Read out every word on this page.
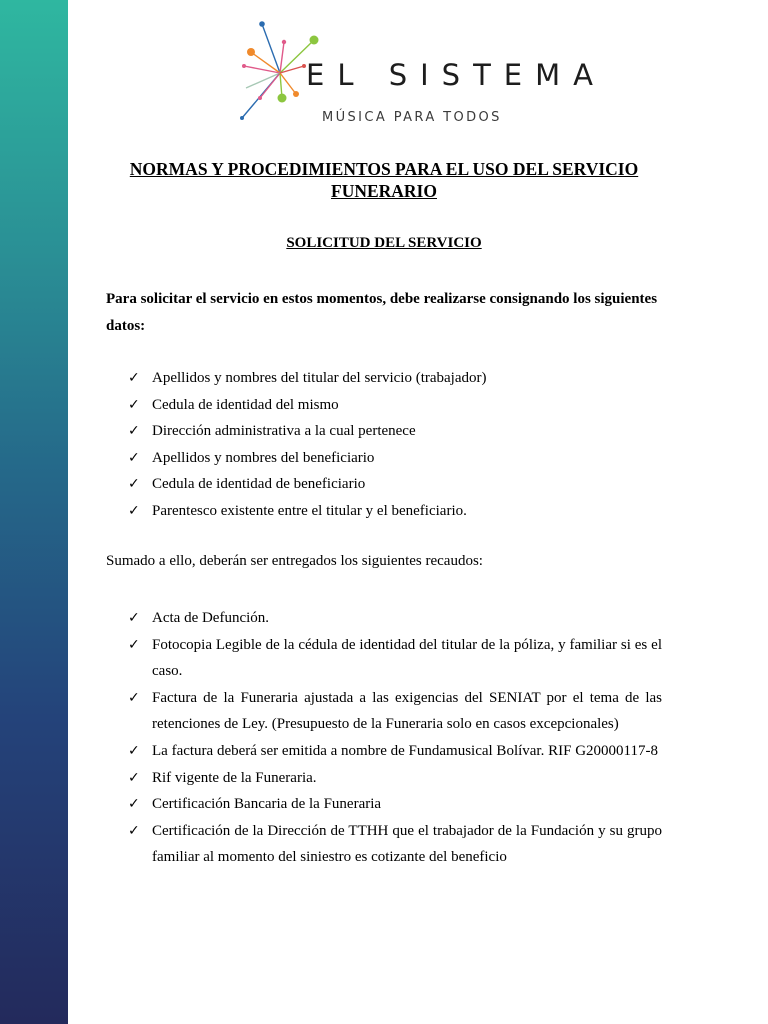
EL SISTEMA
MÚSICA PARA TODOS
NORMAS Y PROCEDIMIENTOS PARA EL USO DEL SERVICIO FUNERARIO
SOLICITUD DEL SERVICIO

Para solicitar el servicio en estos momentos, debe realizarse consignando los siguientes datos:

✓ Apellidos y nombres del titular del servicio (trabajador)
✓ Cedula de identidad del mismo
✓ Dirección administrativa a la cual pertenece
✓ Apellidos y nombres del beneficiario
✓ Cedula de identidad de beneficiario
✓ Parentesco existente entre el titular y el beneficiario.

Sumado a ello, deberán ser entregados los siguientes recaudos:

✓ Acta de Defunción.
✓ Fotocopia Legible de la cédula de identidad del titular de la póliza, y familiar si es el caso.
✓ Factura de la Funeraria ajustada a las exigencias del SENIAT por el tema de las retenciones de Ley. (Presupuesto de la Funeraria solo en casos excepcionales)
✓ La factura deberá ser emitida a nombre de Fundamusical Bolívar. RIF G20000117-8
✓ Rif vigente de la Funeraria.
✓ Certificación Bancaria de la Funeraria
✓ Certificación de la Dirección de TTHH que el trabajador de la Fundación y su grupo familiar al momento del siniestro es cotizante del beneficio
